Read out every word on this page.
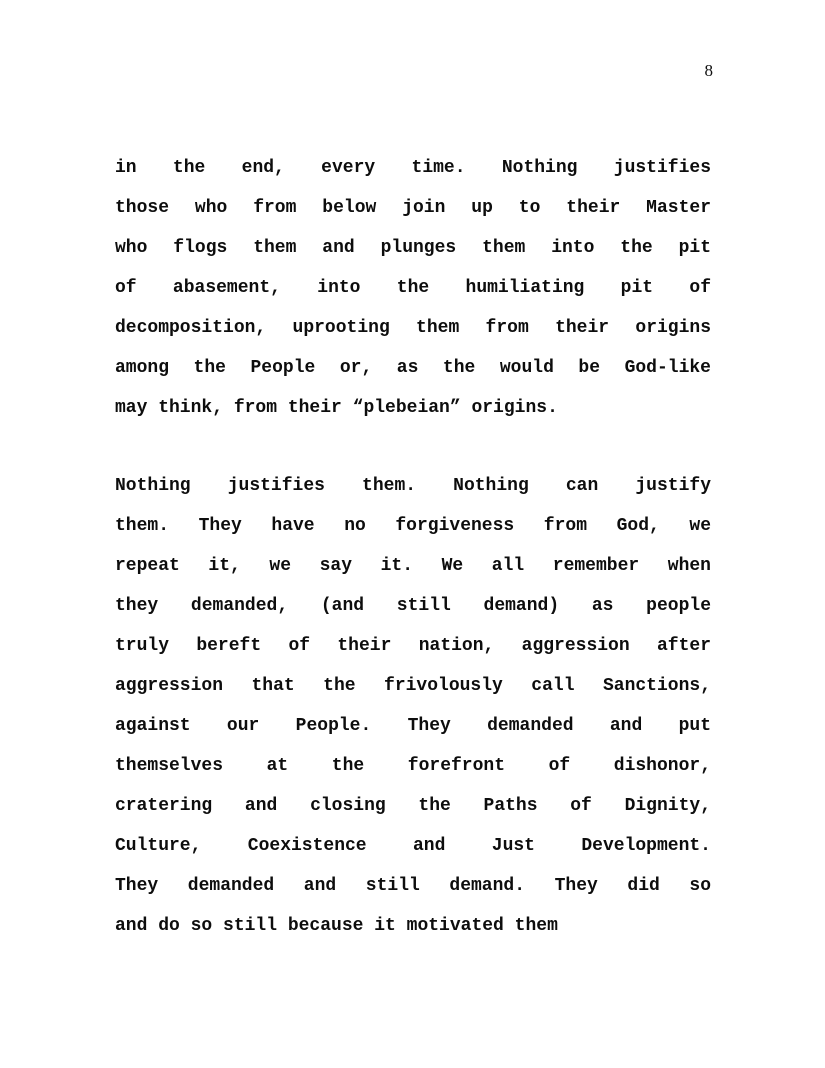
8
in the end, every time. Nothing justifies
those who from below join up to their Master
who flogs them and plunges them into the pit
of abasement, into the humiliating pit of
decomposition, uprooting them from their origins
among the People or, as the would be God-like
may think, from their “plebeian” origins.
Nothing justifies them. Nothing can justify
them. They have no forgiveness from God, we
repeat it, we say it. We all remember when
they demanded, (and still demand) as people
truly bereft of their nation, aggression after
aggression that the frivolously call Sanctions,
against our People. They demanded and put
themselves at the forefront of dishonor,
cratering and closing the Paths of Dignity,
Culture, Coexistence and Just Development.
They demanded and still demand. They did so
and do so still because it motivated them
